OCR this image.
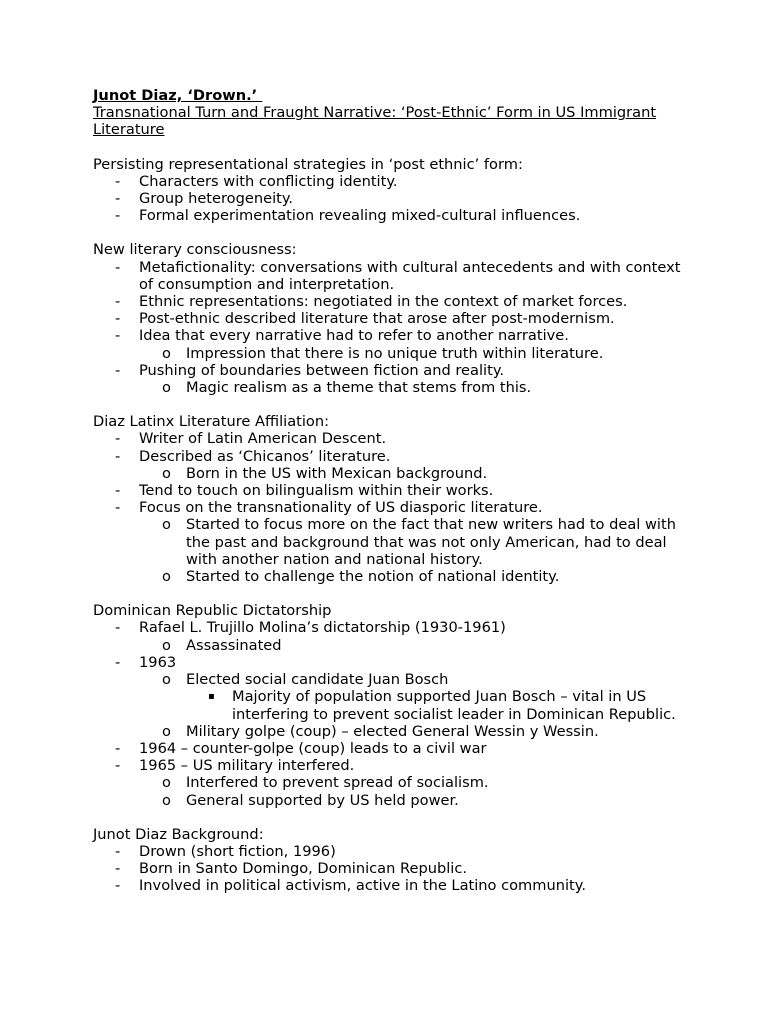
Junot Diaz, ‘Drown.’
Transnational Turn and Fraught Narrative: ‘Post-Ethnic’ Form in US Immigrant Literature
Persisting representational strategies in ‘post ethnic’ form:
- Characters with conflicting identity.
- Group heterogeneity.
- Formal experimentation revealing mixed-cultural influences.
New literary consciousness:
- Metafictionality: conversations with cultural antecedents and with context of consumption and interpretation.
- Ethnic representations: negotiated in the context of market forces.
- Post-ethnic described literature that arose after post-modernism.
- Idea that every narrative had to refer to another narrative.
o Impression that there is no unique truth within literature.
- Pushing of boundaries between fiction and reality.
o Magic realism as a theme that stems from this.
Diaz Latinx Literature Affiliation:
- Writer of Latin American Descent.
- Described as ‘Chicanos’ literature.
o Born in the US with Mexican background.
- Tend to touch on bilingualism within their works.
- Focus on the transnationality of US diasporic literature.
o Started to focus more on the fact that new writers had to deal with the past and background that was not only American, had to deal with another nation and national history.
o Started to challenge the notion of national identity.
Dominican Republic Dictatorship
- Rafael L. Trujillo Molina’s dictatorship (1930-1961)
o Assassinated
- 1963
o Elected social candidate Juan Bosch
▪ Majority of population supported Juan Bosch – vital in US interfering to prevent socialist leader in Dominican Republic.
o Military golpe (coup) – elected General Wessin y Wessin.
- 1964 – counter-golpe (coup) leads to a civil war
- 1965 – US military interfered.
o Interfered to prevent spread of socialism.
o General supported by US held power.
Junot Diaz Background:
- Drown (short fiction, 1996)
- Born in Santo Domingo, Dominican Republic.
- Involved in political activism, active in the Latino community.
